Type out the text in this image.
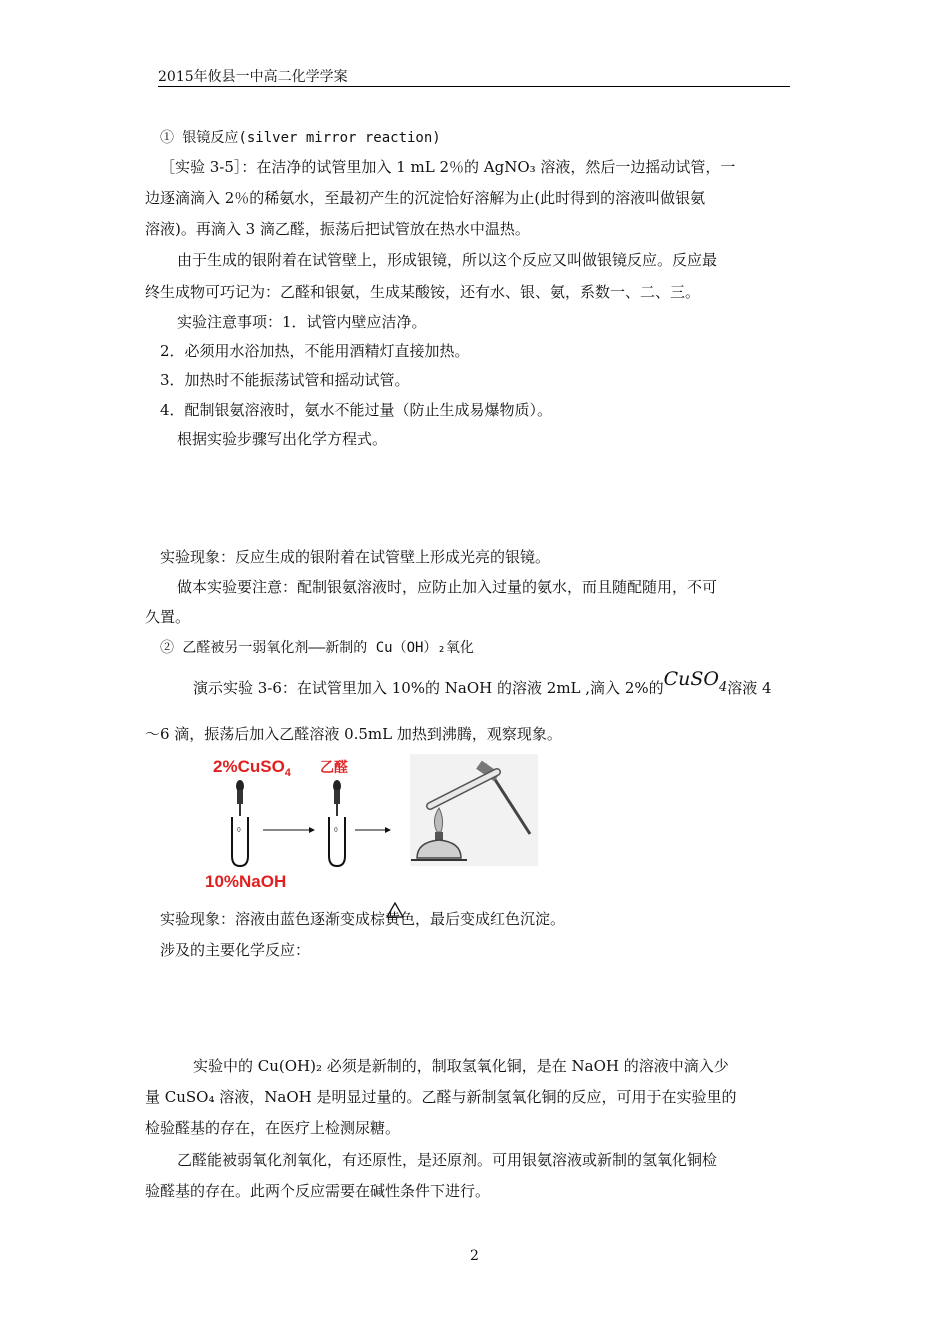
2015年攸县一中高二化学学案
① 银镜反应(silver mirror reaction)
［实验 3-5］：在洁净的试管里加入 1 mL 2％的 AgNO₃ 溶液，然后一边摇动试管，一
边逐滴滴入 2％的稀氨水，至最初产生的沉淀恰好溶解为止(此时得到的溶液叫做银氨
溶液)。再滴入 3 滴乙醛，振荡后把试管放在热水中温热。
由于生成的银附着在试管壁上，形成银镜，所以这个反应又叫做银镜反应。反应最
终生成物可巧记为：乙醛和银氨，生成某酸铵，还有水、银、氨，系数一、二、三。
实验注意事项：1．试管内壁应洁净。
2．必须用水浴加热，不能用酒精灯直接加热。
3．加热时不能振荡试管和摇动试管。
4．配制银氨溶液时，氨水不能过量（防止生成易爆物质）。
根据实验步骤写出化学方程式。
实验现象：反应生成的银附着在试管壁上形成光亮的银镜。
做本实验要注意：配制银氨溶液时，应防止加入过量的氨水，而且随配随用，不可
久置。
② 乙醛被另一弱氧化剂——新制的 Cu（OH）₂氧化
演示实验 3-6：在试管里加入 10%的 NaOH 的溶液 2mL ,滴入 2%的CuSO4溶液 4
～6 滴，振荡后加入乙醛溶液 0.5mL 加热到沸腾，观察现象。
2%CuSO$_4$ 乙醛
10%NaOH
0	0
实验现象：溶液由蓝色逐渐变成棕黄色，最后变成红色沉淀。
涉及的主要化学反应：
实验中的 Cu(OH)₂ 必须是新制的，制取氢氧化铜，是在 NaOH 的溶液中滴入少
量 CuSO₄ 溶液，NaOH 是明显过量的。乙醛与新制氢氧化铜的反应，可用于在实验里的
检验醛基的存在，在医疗上检测尿糖。
乙醛能被弱氧化剂氧化，有还原性，是还原剂。可用银氨溶液或新制的氢氧化铜检
验醛基的存在。此两个反应需要在碱性条件下进行。
2
